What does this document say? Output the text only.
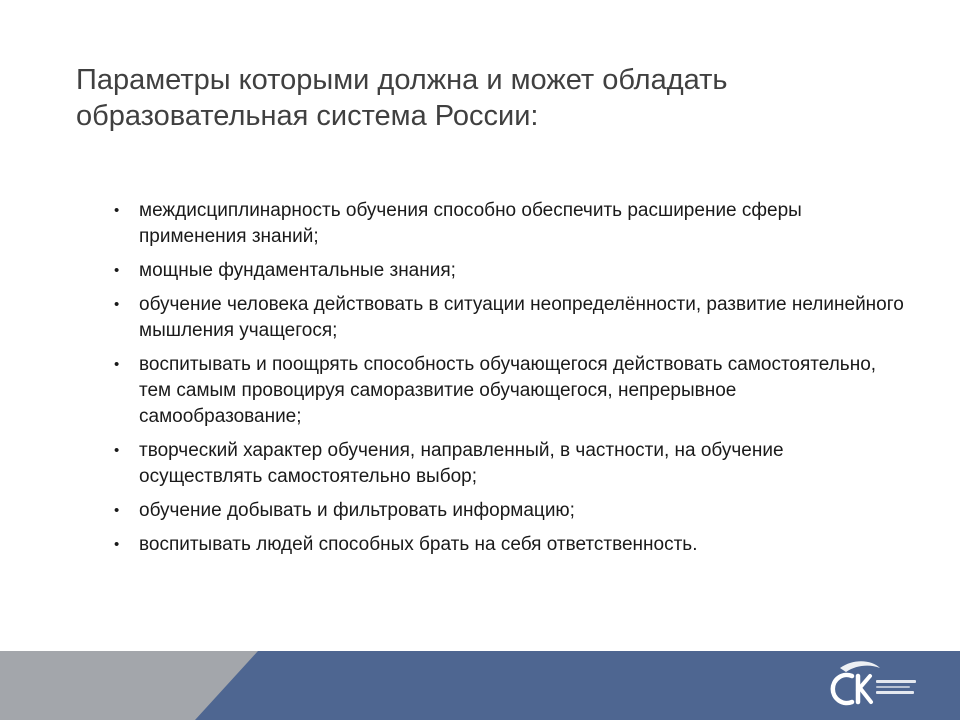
Параметры которыми должна и может обладать образовательная система России:
•	междисциплинарность обучения способно обеспечить расширение сферы применения знаний;
•	мощные фундаментальные знания;
•	обучение человека действовать в ситуации неопределённости, развитие нелинейного мышления учащегося;
•	воспитывать и поощрять способность обучающегося действовать самостоятельно, тем самым провоцируя саморазвитие обучающегося, непрерывное самообразование;
•	творческий характер обучения, направленный, в частности, на обучение осуществлять самостоятельно выбор;
•	обучение добывать и фильтровать информацию;
•	воспитывать людей способных брать на себя ответственность.
